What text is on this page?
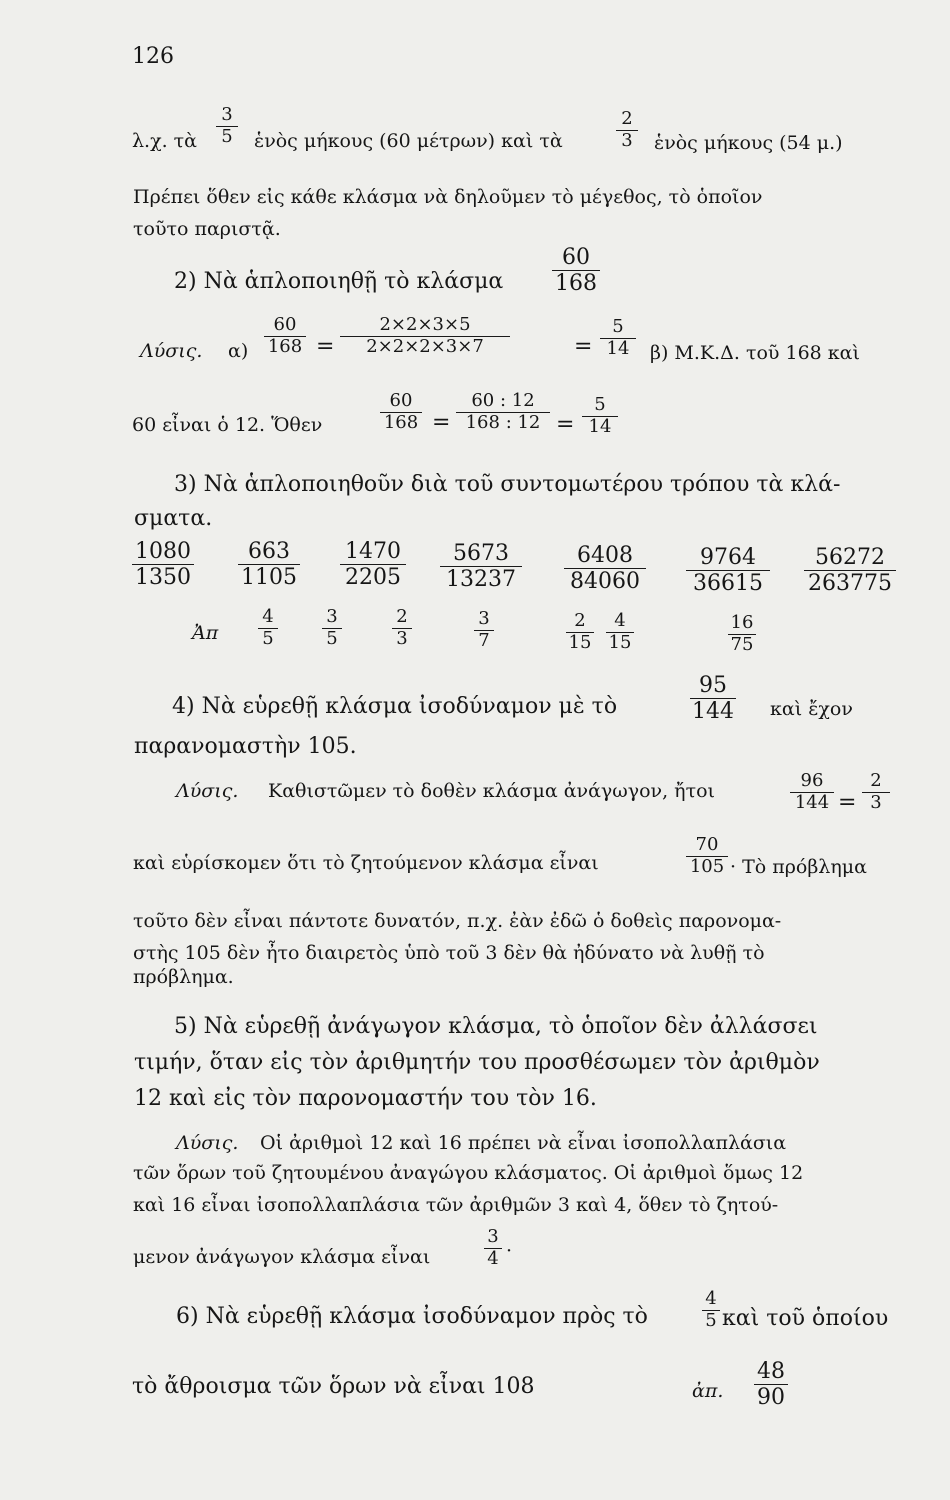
126
λ.χ. τὰ
3
5 ἑνὸς μήκους (60 μέτρων) καὶ τὰ
2
3 ἑνὸς μήκους (54 μ.)
Πρέπει ὅθεν εἰς κάθε κλάσμα νὰ δηλοῦμεν τὸ μέγεθος, τὸ ὁποῖον
τοῦτο παριστᾷ.
2) Νὰ ἁπλοποιηθῇ τὸ κλάσμα
60
168
Λύσις. α)
60
168 =
2×2×3×5
2×2×2×3×7	=
5
14	β) Μ.Κ.Δ. τοῦ 168 καὶ
60 εἶναι ὁ 12. Ὅθεν
60
168 =
60 : 12
168 : 12 =
5
14
3) Νὰ ἁπλοποιηθοῦν διὰ τοῦ συντομωτέρου τρόπου τὰ κλά-
σματα.
1080
1350
663
1105
1470
2205
5673
13237
6408
84060
9764
36615
56272
263775
Ἀπ
4
5
3
5
2
3
3
7
2
15
4
15
16
75
4) Νὰ εὑρεθῇ κλάσμα ἰσοδύναμον μὲ τὸ
95
144 καὶ ἔχον
παρανομαστὴν 105.
Λύσις. Καθιστῶμεν τὸ δοθὲν κλάσμα ἀνάγωγον, ἤτοι	96
144 =
2
3
καὶ εὑρίσκομεν ὅτι τὸ ζητούμενον κλάσμα εἶναι
70
105 · Τὸ πρόβλημα
τοῦτο δὲν εἶναι πάντοτε δυνατόν, π.χ. ἐὰν ἐδῶ ὁ δοθεὶς παρονομα-
στὴς 105 δὲν ἦτο διαιρετὸς ὑπὸ τοῦ 3 δὲν θὰ ἠδύνατο νὰ λυθῇ τὸ
πρόβλημα.
5) Νὰ εὑρεθῇ ἀνάγωγον κλάσμα, τὸ ὁποῖον δὲν ἀλλάσσει
τιμήν, ὅταν εἰς τὸν ἀριθμητήν του προσθέσωμεν τὸν ἀριθμὸν
12 καὶ εἰς τὸν παρονομαστήν του τὸν 16.
Λύσις. Οἱ ἀριθμοὶ 12 καὶ 16 πρέπει νὰ εἶναι ἰσοπολλαπλάσια
τῶν ὅρων τοῦ ζητουμένου ἀναγώγου κλάσματος. Οἱ ἀριθμοὶ ὅμως 12
καὶ 16 εἶναι ἰσοπολλαπλάσια τῶν ἀριθμῶν 3 καὶ 4, ὅθεν τὸ ζητού-
μενον ἀνάγωγον κλάσμα εἶναι
3
4 ·
6) Νὰ εὑρεθῇ κλάσμα ἰσοδύναμον πρὸς τὸ
4
5 καὶ τοῦ ὁποίου
τὸ ἄθροισμα τῶν ὅρων νὰ εἶναι 108	ἀπ.
48
90
